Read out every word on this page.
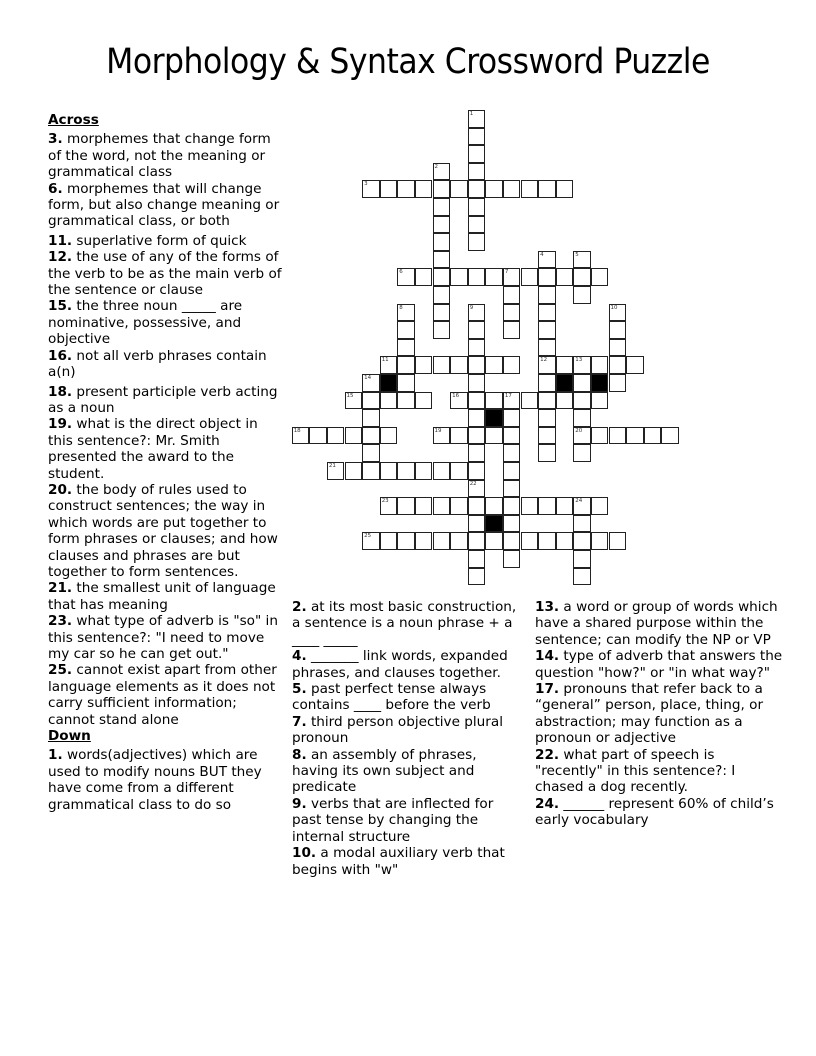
Morphology & Syntax Crossword Puzzle
Across
3. morphemes that change form of the word, not the meaning or grammatical class
6. morphemes that will change form, but also change meaning or grammatical class, or both
11. superlative form of quick
12. the use of any of the forms of the verb to be as the main verb of the sentence or clause
15. the three noun _____ are nominative, possessive, and objective
16. not all verb phrases contain a(n)
18. present participle verb acting as a noun
19. what is the direct object in this sentence?: Mr. Smith presented the award to the student.
20. the body of rules used to construct sentences; the way in which words are put together to form phrases or clauses; and how clauses and phrases are but together to form sentences.
21. the smallest unit of language that has meaning
23. what type of adverb is "so" in this sentence?: "I need to move my car so he can get out."
25. cannot exist apart from other language elements as it does not carry sufficient information; cannot stand alone
Down
1. words(adjectives) which are used to modify nouns BUT they have come from a different grammatical class to do so
2. at its most basic construction, a sentence is a noun phrase + a ____ _____
4. _______ link words, expanded phrases, and clauses together.
5. past perfect tense always contains ____ before the verb
7. third person objective plural pronoun
8. an assembly of phrases, having its own subject and predicate
9. verbs that are inflected for past tense by changing the internal structure
10. a modal auxiliary verb that begins with "w"
13. a word or group of words which have a shared purpose within the sentence; can modify the NP or VP
14. type of adverb that answers the question "how?" or "in what way?"
17. pronouns that refer back to a “general” person, place, thing, or abstraction; may function as a pronoun or adjective
22. what part of speech is "recently" in this sentence?: I chased a dog recently.
24. ______ represent 60% of child’s early vocabulary
3
6	7
11	12	13
15	16	17
18	19	20
21
23	24
25
1
2
4	5
8	9	10
14
22
